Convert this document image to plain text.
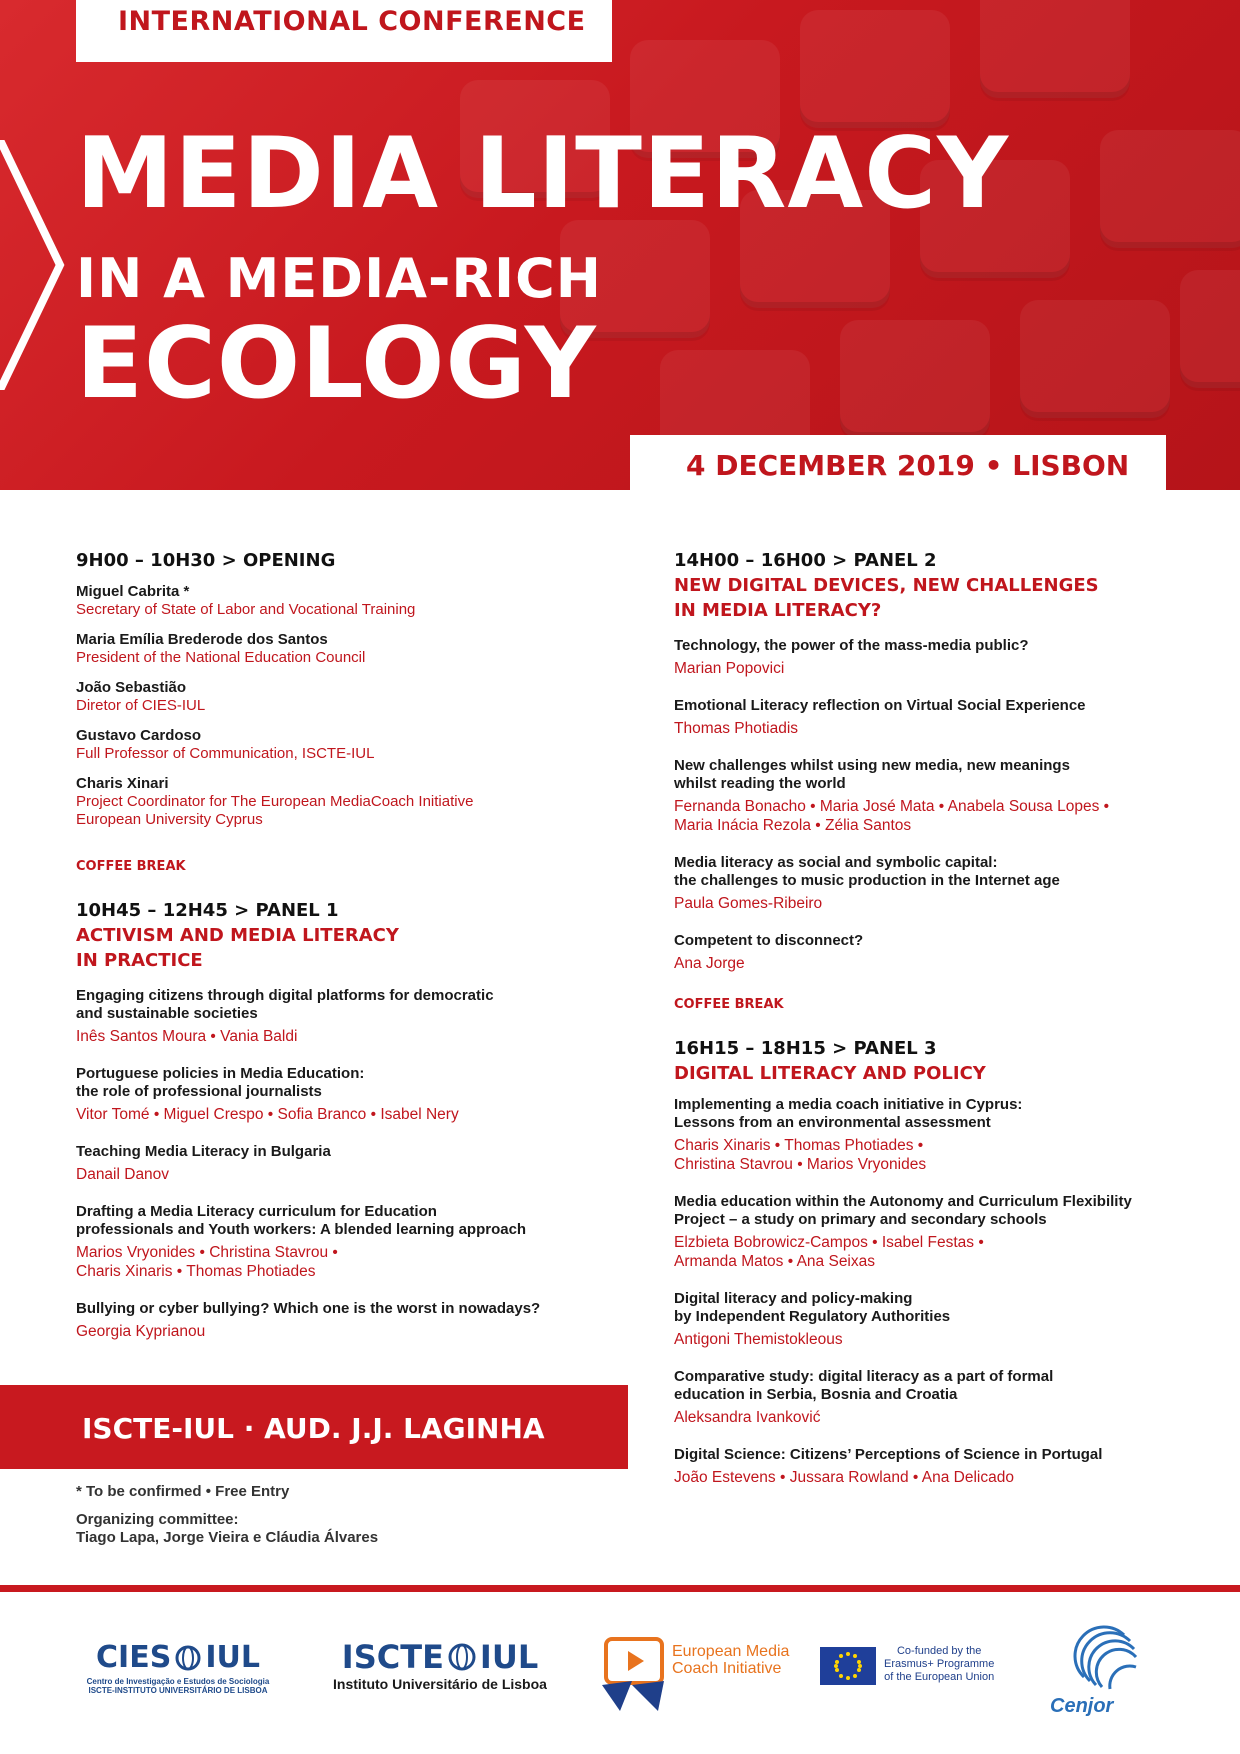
INTERNATIONAL CONFERENCE
MEDIA LITERACY
IN A MEDIA-RICH
ECOLOGY
4 DECEMBER 2019 • LISBON
9H00 – 10H30 > OPENING
Miguel Cabrita *
Secretary of State of Labor and Vocational Training
Maria Emília Brederode dos Santos
President of the National Education Council
João Sebastião
Diretor of CIES-IUL
Gustavo Cardoso
Full Professor of Communication, ISCTE-IUL
Charis Xinari
Project Coordinator for The European MediaCoach Initiative
European University Cyprus
COFFEE BREAK
10H45 – 12H45 > PANEL 1
ACTIVISM AND MEDIA LITERACY
IN PRACTICE
Engaging citizens through digital platforms for democratic
and sustainable societies
Inês Santos Moura • Vania Baldi
Portuguese policies in Media Education:
the role of professional journalists
Vitor Tomé • Miguel Crespo • Sofia Branco • Isabel Nery
Teaching Media Literacy in Bulgaria
Danail Danov
Drafting a Media Literacy curriculum for Education
professionals and Youth workers: A blended learning approach
Marios Vryonides • Christina Stavrou •
Charis Xinaris • Thomas Photiades
Bullying or cyber bullying? Which one is the worst in nowadays?
Georgia Kyprianou
14H00 – 16H00 > PANEL 2
NEW DIGITAL DEVICES, NEW CHALLENGES
IN MEDIA LITERACY?
Technology, the power of the mass-media public?
Marian Popovici
Emotional Literacy reflection on Virtual Social Experience
Thomas Photiadis
New challenges whilst using new media, new meanings
whilst reading the world
Fernanda Bonacho • Maria José Mata • Anabela Sousa Lopes •
Maria Inácia Rezola • Zélia Santos
Media literacy as social and symbolic capital:
the challenges to music production in the Internet age
Paula Gomes-Ribeiro
Competent to disconnect?
Ana Jorge
COFFEE BREAK
16H15 – 18H15 > PANEL 3
DIGITAL LITERACY AND POLICY
Implementing a media coach initiative in Cyprus:
Lessons from an environmental assessment
Charis Xinaris • Thomas Photiades •
Christina Stavrou • Marios Vryonides
Media education within the Autonomy and Curriculum Flexibility
Project – a study on primary and secondary schools
Elzbieta Bobrowicz-Campos • Isabel Festas •
Armanda Matos • Ana Seixas
Digital literacy and policy-making
by Independent Regulatory Authorities
Antigoni Themistokleous
Comparative study: digital literacy as a part of formal
education in Serbia, Bosnia and Croatia
Aleksandra Ivanković
Digital Science: Citizens’ Perceptions of Science in Portugal
João Estevens • Jussara Rowland • Ana Delicado
ISCTE-IUL · AUD. J.J. LAGINHA
* To be confirmed • Free Entry
Organizing committee:
Tiago Lapa, Jorge Vieira e Cláudia Álvares
CIES IUL
Centro de Investigação e Estudos de Sociologia
ISCTE-INSTITUTO UNIVERSITÁRIO DE LISBOA
ISCTE IUL
Instituto Universitário de Lisboa
European Media
Coach Initiative
Co-funded by the
Erasmus+ Programme
of the European Union
Cenjor
